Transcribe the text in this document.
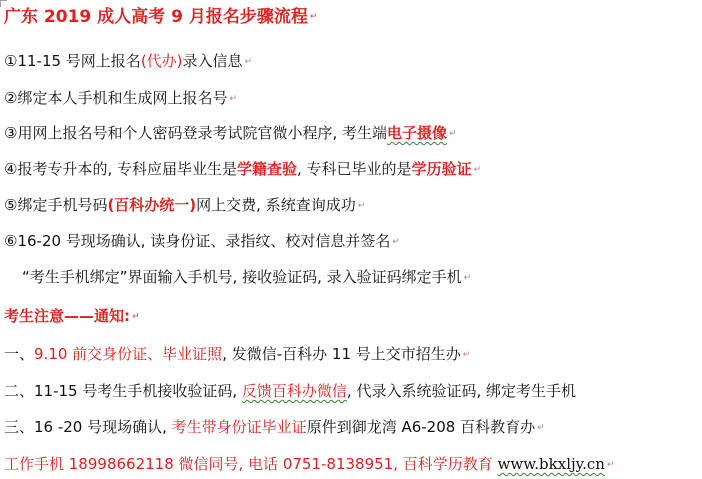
广东 2019 成人高考 9 月报名步骤流程 ↵
①11-15 号网上报名(代办)录入信息 ↵
②绑定本人手机和生成网上报名号 ↵
③用网上报名号和个人密码登录考试院官微小程序, 考生端电子摄像 ↵
④报考专升本的, 专科应届毕业生是学籍查验, 专科已毕业的是学历验证 ↵
⑤绑定手机号码(百科办统一)网上交费, 系统查询成功 ↵
⑥16-20 号现场确认, 读身份证、录指纹、校对信息并签名 ↵
“考生手机绑定”界面输入手机号, 接收验证码, 录入验证码绑定手机 ↵
考生注意——通知: ↵
一、9.10 前交身份证、毕业证照, 发微信-百科办 11 号上交市招生办 ↵
二、11-15 号考生手机接收验证码, 反馈百科办微信, 代录入系统验证码, 绑定考生手机
三、16 -20 号现场确认, 考生带身份证毕业证原件到御龙湾 A6-208 百科教育办 ↵
工作手机 18998662118 微信同号, 电话 0751-8138951, 百科学历教育 www.bkxljy.cn ↵
